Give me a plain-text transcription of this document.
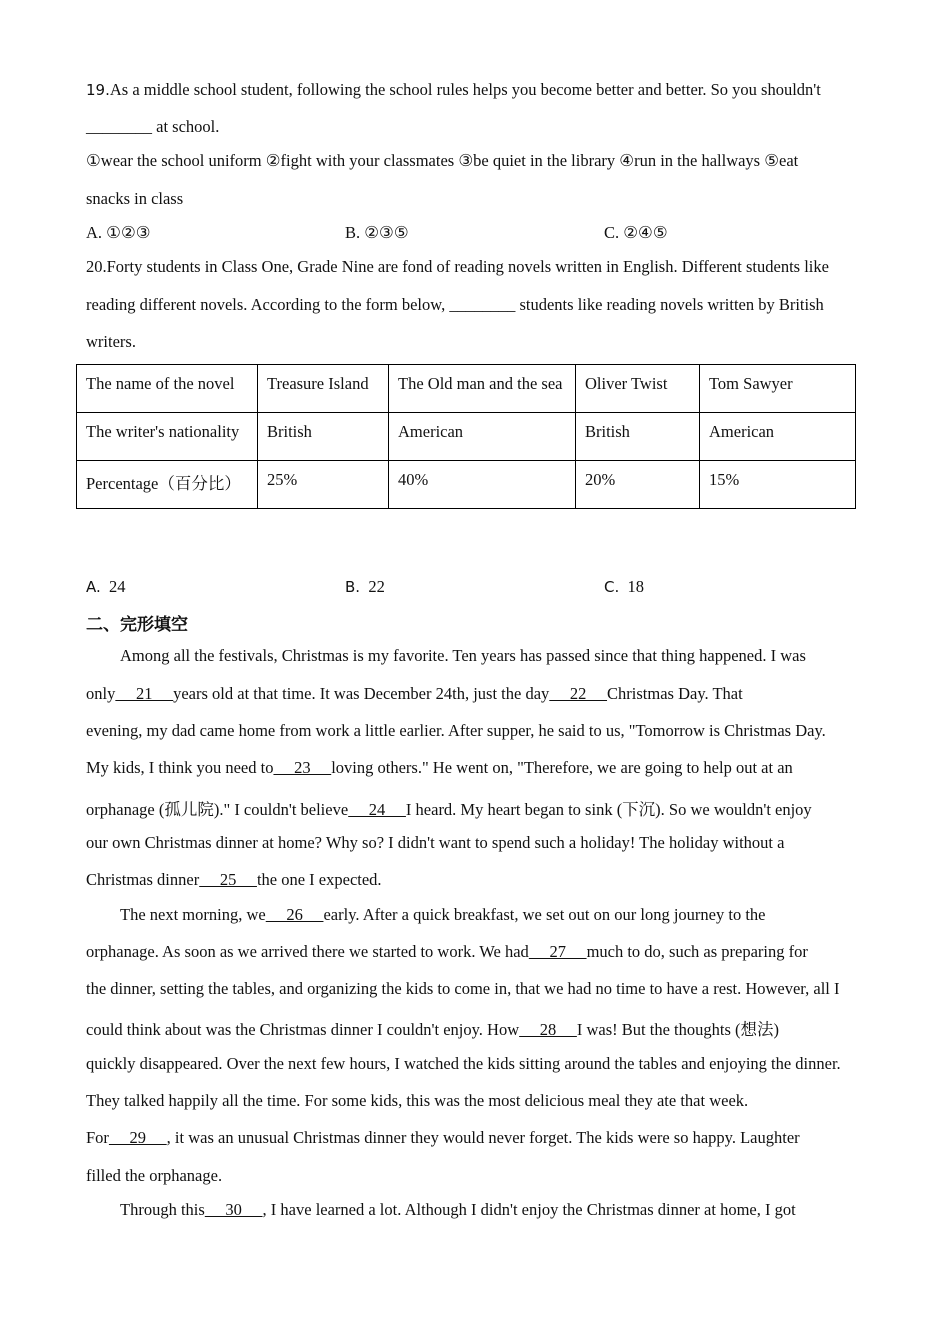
19.As a middle school student, following the school rules helps you become better and better. So you shouldn't
________ at school.
①wear the school uniform ②fight with your classmates ③be quiet in the library ④run in the hallways ⑤eat
snacks in class
A. ①②③	B. ②③⑤	C. ②④⑤
20.Forty students in Class One, Grade Nine are fond of reading novels written in English. Different students like
reading different novels. According to the form below, ________ students like reading novels written by British
writers.
The name of the novel	Treasure Island	The Old man and the sea	Oliver Twist	Tom Sawyer
The writer's nationality	British	American	British	American
Percentage（百分比）	25%	40%	20%	15%
A. 24	B. 22	C. 18
二、完形填空
Among all the festivals, Christmas is my favorite. Ten years has passed since that thing happened. I was
only     21     years old at that time. It was December 24th, just the day     22     Christmas Day. That
evening, my dad came home from work a little earlier. After supper, he said to us, "Tomorrow is Christmas Day.
My kids, I think you need to     23     loving others." He went on, "Therefore, we are going to help out at an
orphanage (孤儿院)." I couldn't believe     24     I heard. My heart began to sink (下沉). So we wouldn't enjoy
our own Christmas dinner at home? Why so? I didn't want to spend such a holiday! The holiday without a
Christmas dinner     25     the one I expected.
The next morning, we     26     early. After a quick breakfast, we set out on our long journey to the
orphanage. As soon as we arrived there we started to work. We had     27     much to do, such as preparing for
the dinner, setting the tables, and organizing the kids to come in, that we had no time to have a rest. However, all I
could think about was the Christmas dinner I couldn't enjoy. How     28     I was! But the thoughts (想法)
quickly disappeared. Over the next few hours, I watched the kids sitting around the tables and enjoying the dinner.
They talked happily all the time. For some kids, this was the most delicious meal they ate that week.
For     29     , it was an unusual Christmas dinner they would never forget. The kids were so happy. Laughter
filled the orphanage.
Through this     30     , I have learned a lot. Although I didn't enjoy the Christmas dinner at home, I got
